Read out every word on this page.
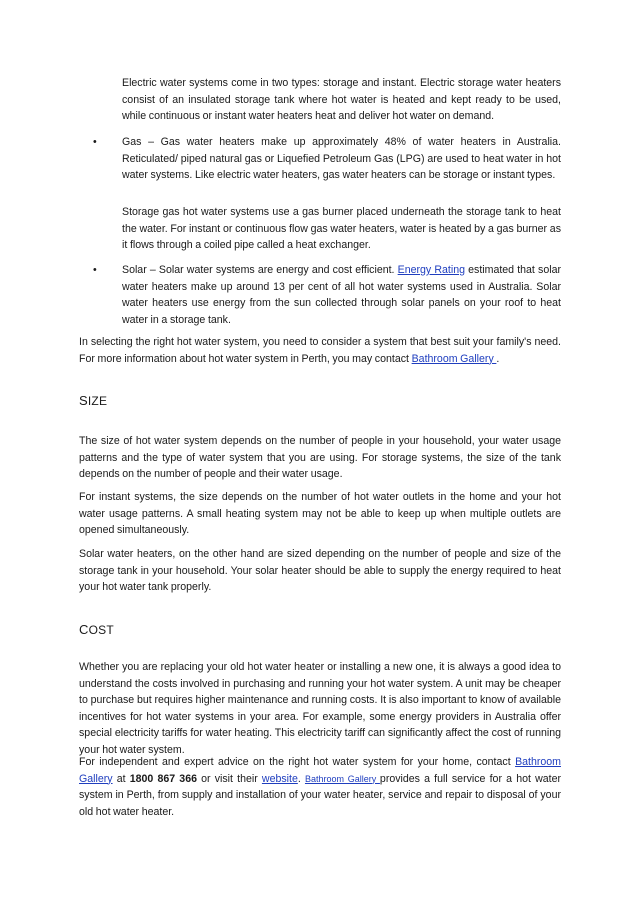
Electric water systems come in two types: storage and instant. Electric storage water heaters consist of an insulated storage tank where hot water is heated and kept ready to be used, while continuous or instant water heaters heat and deliver hot water on demand.

• Gas – Gas water heaters make up approximately 48% of water heaters in Australia. Reticulated/ piped natural gas or Liquefied Petroleum Gas (LPG) are used to heat water in hot water systems. Like electric water heaters, gas water heaters can be storage or instant types.

Storage gas hot water systems use a gas burner placed underneath the storage tank to heat the water. For instant or continuous flow gas water heaters, water is heated by a gas burner as it flows through a coiled pipe called a heat exchanger.

• Solar – Solar water systems are energy and cost efficient. Energy Rating estimated that solar water heaters make up around 13 per cent of all hot water systems used in Australia. Solar water heaters use energy from the sun collected through solar panels on your roof to heat water in a storage tank.

In selecting the right hot water system, you need to consider a system that best suit your family's need. For more information about hot water system in Perth, you may contact Bathroom Gallery .

SIZE

The size of hot water system depends on the number of people in your household, your water usage patterns and the type of water system that you are using. For storage systems, the size of the tank depends on the number of people and their water usage.

For instant systems, the size depends on the number of hot water outlets in the home and your hot water usage patterns. A small heating system may not be able to keep up when multiple outlets are opened simultaneously.

Solar water heaters, on the other hand are sized depending on the number of people and size of the storage tank in your household. Your solar heater should be able to supply the energy required to heat your hot water tank properly.

COST

Whether you are replacing your old hot water heater or installing a new one, it is always a good idea to understand the costs involved in purchasing and running your hot water system. A unit may be cheaper to purchase but requires higher maintenance and running costs. It is also important to know of available incentives for hot water systems in your area. For example, some energy providers in Australia offer special electricity tariffs for water heating. This electricity tariff can significantly affect the cost of running your hot water system.

For independent and expert advice on the right hot water system for your home, contact Bathroom Gallery at 1800 867 366 or visit their website. Bathroom Gallery provides a full service for a hot water system in Perth, from supply and installation of your water heater, service and repair to disposal of your old hot water heater.
